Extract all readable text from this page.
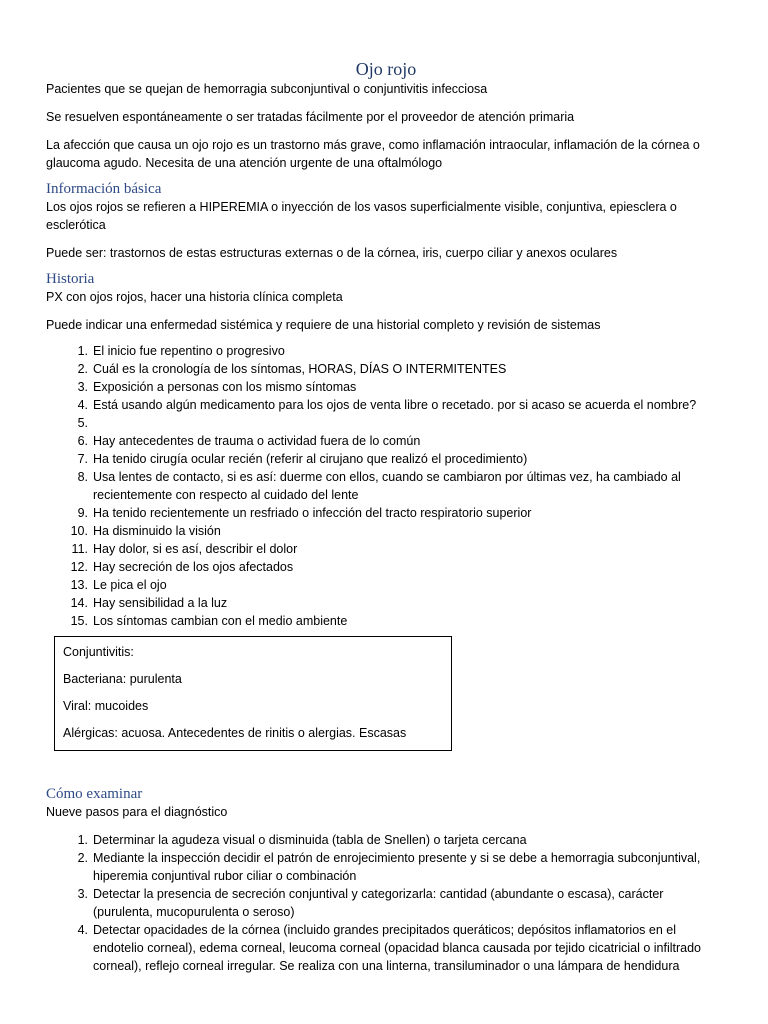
Ojo rojo

Pacientes que se quejan de hemorragia subconjuntival o conjuntivitis infecciosa

Se resuelven espontáneamente o ser tratadas fácilmente por el proveedor de atención primaria

La afección que causa un ojo rojo es un trastorno más grave, como inflamación intraocular, inflamación de la córnea o glaucoma agudo. Necesita de una atención urgente de una oftalmólogo

Información básica

Los ojos rojos se refieren a HIPEREMIA o inyección de los vasos superficialmente visible, conjuntiva, epiesclera o esclerótica

Puede ser: trastornos de estas estructuras externas o de la córnea, iris, cuerpo ciliar y anexos oculares

Historia

PX con ojos rojos, hacer una historia clínica completa

Puede indicar una enfermedad sistémica y requiere de una historial completo y revisión de sistemas

1. El inicio fue repentino o progresivo
2. Cuál es la cronología de los síntomas, HORAS, DÍAS O INTERMITENTES
3. Exposición a personas con los mismo síntomas
4. Está usando algún medicamento para los ojos de venta libre o recetado. por si acaso se acuerda el nombre?
5.
6. Hay antecedentes de trauma o actividad fuera de lo común
7. Ha tenido cirugía ocular recién (referir al cirujano que realizó el procedimiento)
8. Usa lentes de contacto, si es así: duerme con ellos, cuando se cambiaron por últimas vez, ha cambiado al recientemente con respecto al cuidado del lente
9. Ha tenido recientemente un resfriado o infección del tracto respiratorio superior
10. Ha disminuido la visión
11. Hay dolor, si es así, describir el dolor
12. Hay secreción de los ojos afectados
13. Le pica el ojo
14. Hay sensibilidad a la luz
15. Los síntomas cambian con el medio ambiente

Conjuntivitis:

Bacteriana: purulenta

Viral: mucoides

Alérgicas: acuosa. Antecedentes de rinitis o alergias. Escasas

Cómo examinar

Nueve pasos para el diagnóstico

1. Determinar la agudeza visual o disminuida (tabla de Snellen) o tarjeta cercana
2. Mediante la inspección decidir el patrón de enrojecimiento presente y si se debe a hemorragia subconjuntival, hiperemia conjuntival rubor ciliar o combinación
3. Detectar la presencia de secreción conjuntival y categorizarla: cantidad (abundante o escasa), carácter (purulenta, mucopurulenta o seroso)
4. Detectar opacidades de la córnea (incluido grandes precipitados queráticos; depósitos inflamatorios en el endotelio corneal), edema corneal, leucoma corneal (opacidad blanca causada por tejido cicatricial o infiltrado corneal), reflejo corneal irregular. Se realiza con una linterna, transiluminador o una lámpara de hendidura
